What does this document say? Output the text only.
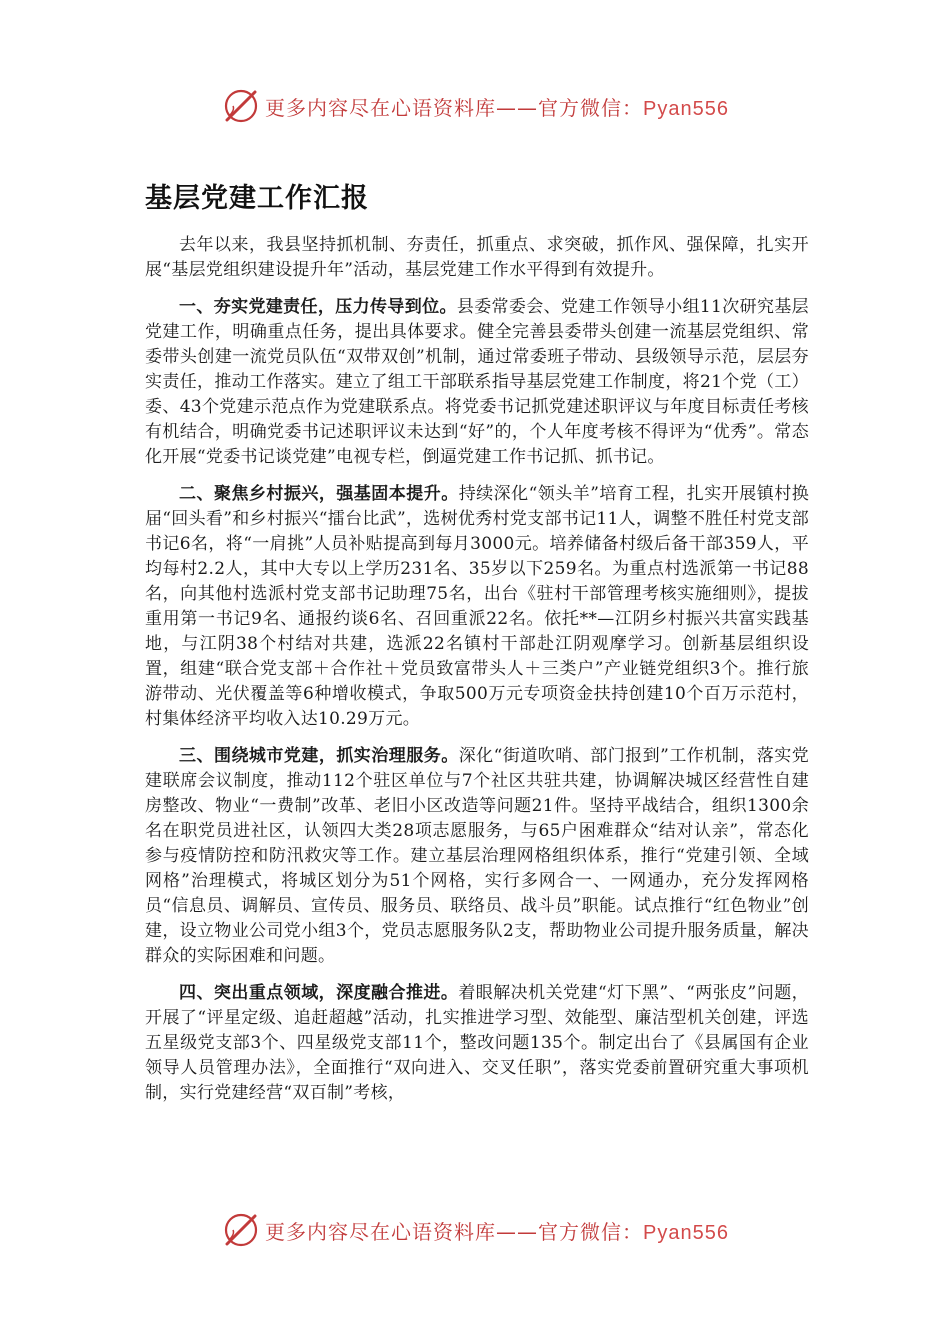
更多内容尽在心语资料库——官方微信：Pyan556
基层党建工作汇报

去年以来，我县坚持抓机制、夯责任，抓重点、求突破，抓作风、强保障，扎实开展“基层党组织建设提升年”活动，基层党建工作水平得到有效提升。

一、夯实党建责任，压力传导到位。县委常委会、党建工作领导小组11次研究基层党建工作，明确重点任务，提出具体要求。健全完善县委带头创建一流基层党组织、常委带头创建一流党员队伍“双带双创”机制，通过常委班子带动、县级领导示范，层层夯实责任，推动工作落实。建立了组工干部联系指导基层党建工作制度，将21个党（工）委、43个党建示范点作为党建联系点。将党委书记抓党建述职评议与年度目标责任考核有机结合，明确党委书记述职评议未达到“好”的，个人年度考核不得评为“优秀”。常态化开展“党委书记谈党建”电视专栏，倒逼党建工作书记抓、抓书记。

二、聚焦乡村振兴，强基固本提升。持续深化“领头羊”培育工程，扎实开展镇村换届“回头看”和乡村振兴“擂台比武”，选树优秀村党支部书记11人，调整不胜任村党支部书记6名，将“一肩挑”人员补贴提高到每月3000元。培养储备村级后备干部359人，平均每村2.2人，其中大专以上学历231名、35岁以下259名。为重点村选派第一书记88名，向其他村选派村党支部书记助理75名，出台《驻村干部管理考核实施细则》，提拔重用第一书记9名、通报约谈6名、召回重派22名。依托**—江阴乡村振兴共富实践基地，与江阴38个村结对共建，选派22名镇村干部赴江阴观摩学习。创新基层组织设置，组建“联合党支部＋合作社＋党员致富带头人＋三类户”产业链党组织3个。推行旅游带动、光伏覆盖等6种增收模式，争取500万元专项资金扶持创建10个百万示范村，村集体经济平均收入达10.29万元。

三、围绕城市党建，抓实治理服务。深化“街道吹哨、部门报到”工作机制，落实党建联席会议制度，推动112个驻区单位与7个社区共驻共建，协调解决城区经营性自建房整改、物业“一费制”改革、老旧小区改造等问题21件。坚持平战结合，组织1300余名在职党员进社区，认领四大类28项志愿服务，与65户困难群众“结对认亲”，常态化参与疫情防控和防汛救灾等工作。建立基层治理网格组织体系，推行“党建引领、全域网格”治理模式，将城区划分为51个网格，实行多网合一、一网通办，充分发挥网格员“信息员、调解员、宣传员、服务员、联络员、战斗员”职能。试点推行“红色物业”创建，设立物业公司党小组3个，党员志愿服务队2支，帮助物业公司提升服务质量，解决群众的实际困难和问题。

四、突出重点领域，深度融合推进。着眼解决机关党建“灯下黑”、“两张皮”问题，开展了“评星定级、追赶超越”活动，扎实推进学习型、效能型、廉洁型机关创建，评选五星级党支部3个、四星级党支部11个，整改问题135个。制定出台了《县属国有企业领导人员管理办法》，全面推行“双向进入、交叉任职”，落实党委前置研究重大事项机制，实行党建经营“双百制”考核，

更多内容尽在心语资料库——官方微信：Pyan556
